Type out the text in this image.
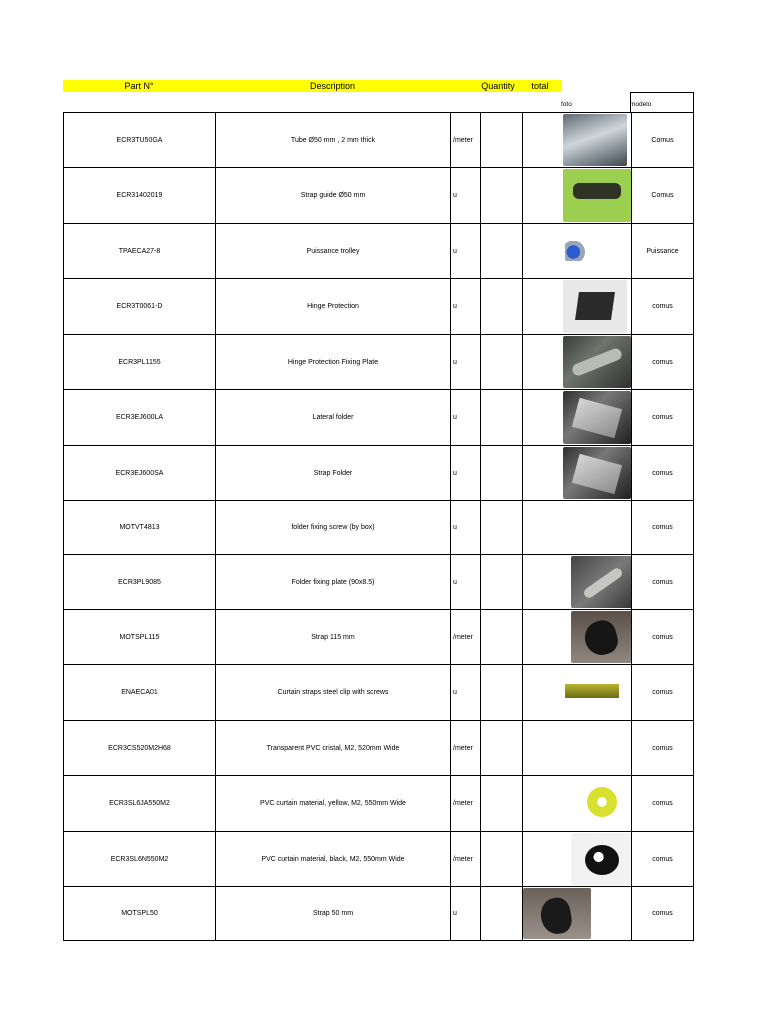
Part N°	Description	Quantity	total
foto	modelo
ECR3TU50GA	Tube Ø50 mm , 2 mm thick	/meter	Comus
ECR31402019	Strap guide Ø50 mm	u	Comus
TPAECA27-8	Puissance trolley	u	Puissance
ECR3T0061-D	Hinge Protection	u	comus
ECR3PL1155	Hinge Protection Fixing Plate	u	comus
ECR3EJ600LA	Lateral folder	u	comus
ECR3EJ600SA	Strap Folder	u	comus
MOTVT4813	folder fixing screw (by box)	u	comus
ECR3PL9085	Folder fixing plate (90x8.5)	u	comus
MOTSPL115	Strap 115 mm	/meter	comus
ENAECA01	Curtain straps steel clip with screws	u	comus
ECR3CS520M2H68	Transparent PVC cristal, M2, 520mm Wide	/meter	comus
ECR3SL6JA550M2	PVC curtain material, yellow, M2, 550mm Wide	/meter	comus
ECR3SL6N550M2	PVC curtain material, black, M2, 550mm Wide	/meter	comus
MOTSPL50	Strap 50 mm	u	comus
